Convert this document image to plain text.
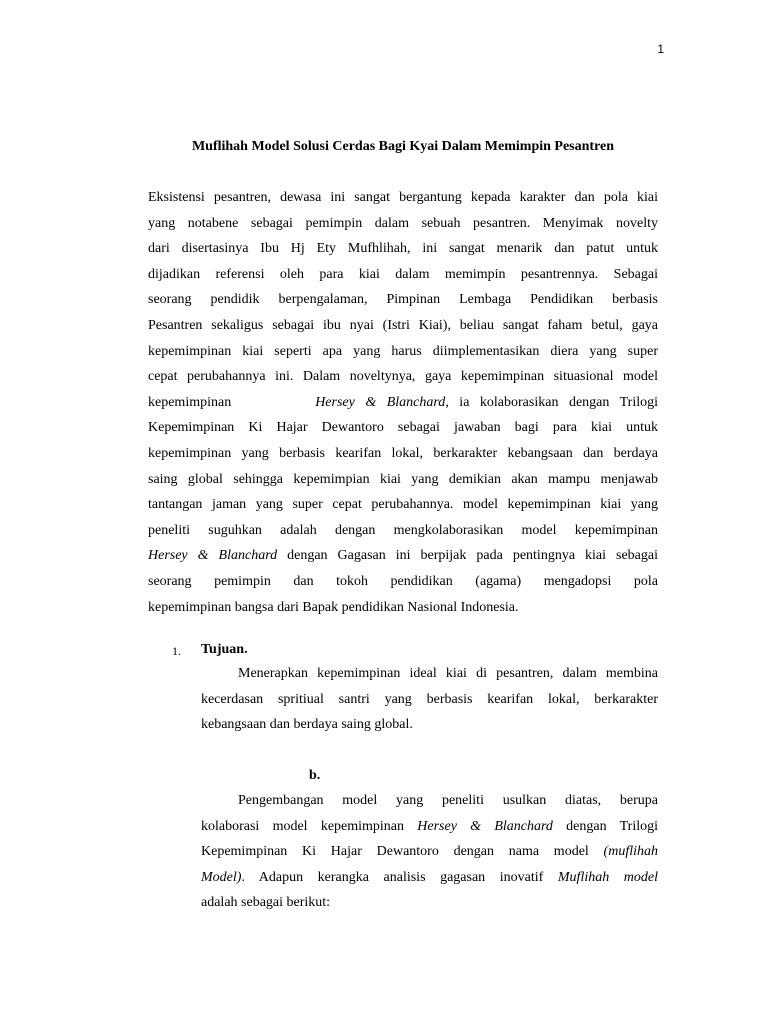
1
Muflihah Model Solusi Cerdas Bagi Kyai Dalam Memimpin Pesantren
Eksistensi pesantren, dewasa ini sangat bergantung kepada karakter dan pola kiai
yang notabene sebagai pemimpin dalam sebuah pesantren. Menyimak novelty
dari disertasinya Ibu Hj Ety Mufhlihah, ini sangat menarik dan patut untuk
dijadikan referensi oleh para kiai dalam memimpin pesantrennya. Sebagai
seorang pendidik berpengalaman, Pimpinan Lembaga Pendidikan berbasis
Pesantren sekaligus sebagai ibu nyai (Istri Kiai), beliau sangat faham betul, gaya
kepemimpinan kiai seperti apa yang harus diimplementasikan diera yang super
cepat perubahannya ini. Dalam noveltynya, gaya kepemimpinan situasional model
kepemimpinan	Hersey & Blanchard, ia kolaborasikan dengan Trilogi
Kepemimpinan Ki Hajar Dewantoro sebagai jawaban bagi para kiai untuk
kepemimpinan yang berbasis kearifan lokal, berkarakter kebangsaan dan berdaya
saing global sehingga kepemimpian kiai yang demikian akan mampu menjawab
tantangan jaman yang super cepat perubahannya. model kepemimpinan kiai yang
peneliti suguhkan adalah dengan mengkolaborasikan model kepemimpinan
Hersey & Blanchard dengan Gagasan ini berpijak pada pentingnya kiai sebagai
seorang pemimpin dan tokoh pendidikan (agama) mengadopsi pola
kepemimpinan bangsa dari Bapak pendidikan Nasional Indonesia.
1. Tujuan.
Menerapkan kepemimpinan ideal kiai di pesantren, dalam membina
kecerdasan spritiual santri yang berbasis kearifan lokal, berkarakter
kebangsaan dan berdaya saing global.
b.
Pengembangan model yang peneliti usulkan diatas, berupa
kolaborasi model kepemimpinan Hersey & Blanchard dengan Trilogi
Kepemimpinan Ki Hajar Dewantoro dengan nama model (muflihah
Model). Adapun kerangka analisis gagasan inovatif Muflihah model
adalah sebagai berikut:
